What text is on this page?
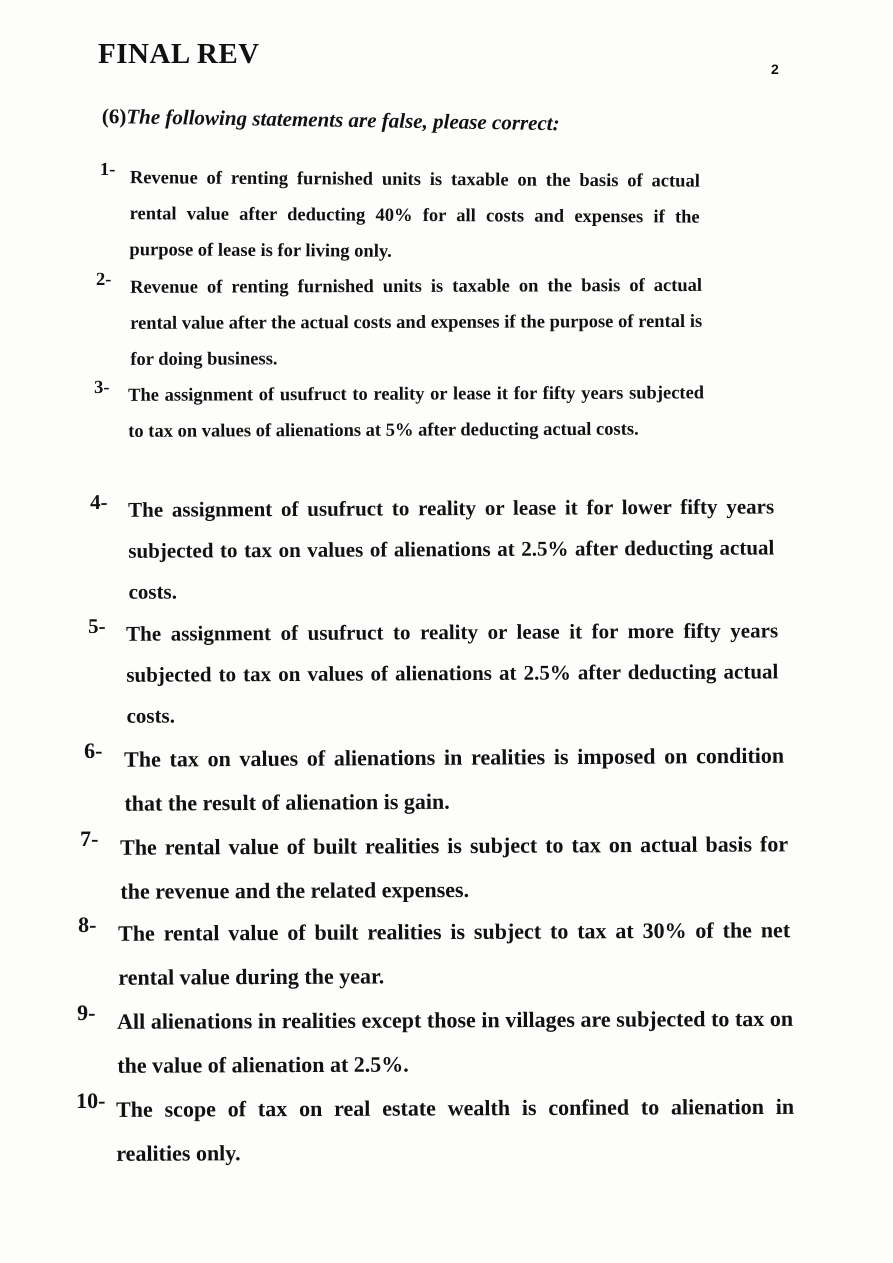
FINAL REV	2
(6)The following statements are false, please correct:
1- Revenue of renting furnished units is taxable on the basis of actual rental value after deducting 40% for all costs and expenses if the purpose of lease is for living only.
2- Revenue of renting furnished units is taxable on the basis of actual rental value after the actual costs and expenses if the purpose of rental is for doing business.
3- The assignment of usufruct to reality or lease it for fifty years subjected to tax on values of alienations at 5% after deducting actual costs.
4- The assignment of usufruct to reality or lease it for lower fifty years subjected to tax on values of alienations at 2.5% after deducting actual costs.
5- The assignment of usufruct to reality or lease it for more fifty years subjected to tax on values of alienations at 2.5% after deducting actual costs.
6- The tax on values of alienations in realities is imposed on condition that the result of alienation is gain.
7- The rental value of built realities is subject to tax on actual basis for the revenue and the related expenses.
8- The rental value of built realities is subject to tax at 30% of the net rental value during the year.
9- All alienations in realities except those in villages are subjected to tax on the value of alienation at 2.5%.
10- The scope of tax on real estate wealth is confined to alienation in realities only.
